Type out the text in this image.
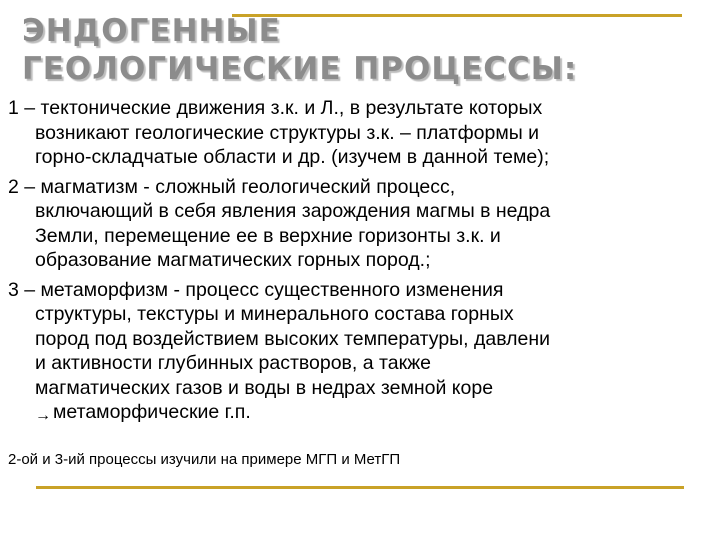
ЭНДОГЕННЫЕ
ГЕОЛОГИЧЕСКИЕ ПРОЦЕССЫ:
1 – тектонические движения з.к. и Л., в результате которых
возникают геологические структуры з.к. – платформы и
горно-складчатые области и др. (изучем в данной теме);
2 – магматизм - сложный геологический процесс,
включающий в себя явления зарождения магмы в недра
Земли, перемещение ее в верхние горизонты з.к. и
образование магматических горных пород.;
3 – метаморфизм - процесс существенного изменения
структуры, текстуры и минерального состава горных
пород под воздействием высоких температуры, давлени
и активности глубинных растворов, а также
магматических газов и воды в недрах земной коре
→ метаморфические г.п.
2-ой и 3-ий процессы изучили на примере МГП и МетГП
